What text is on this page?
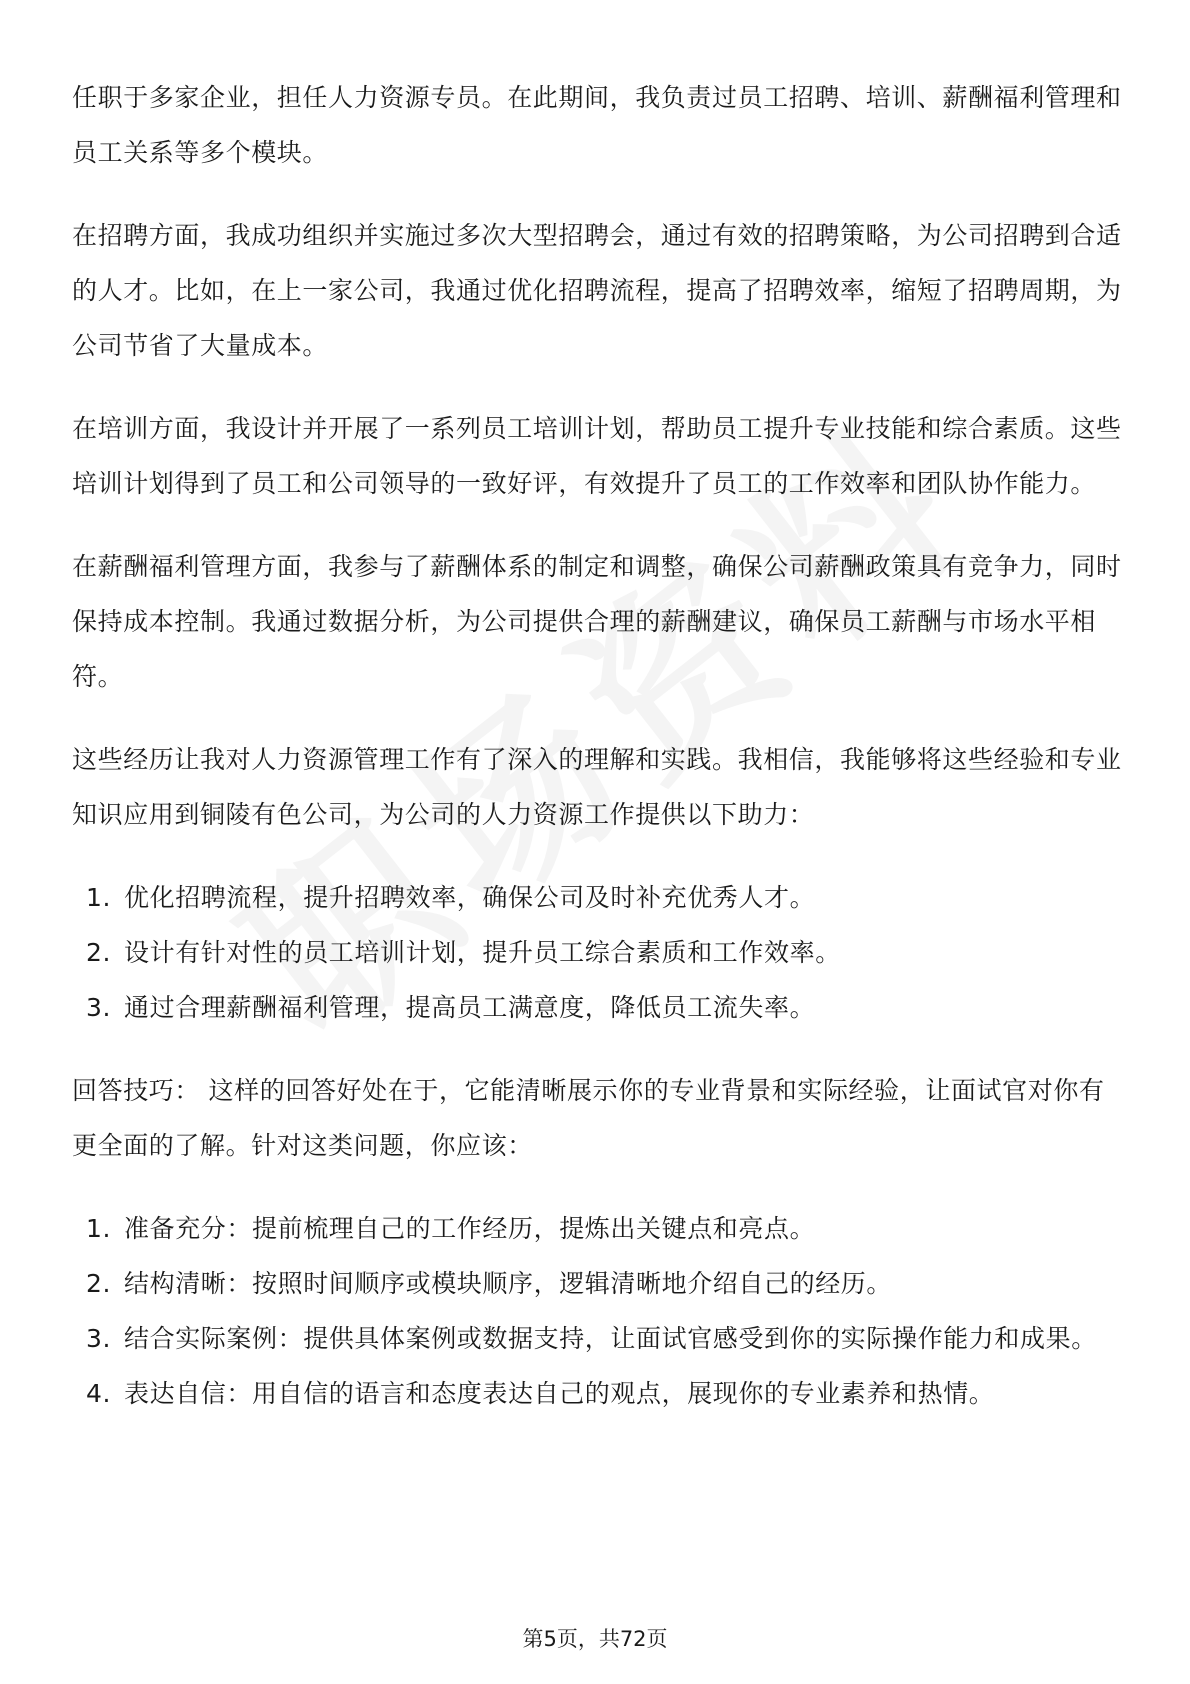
任职于多家企业，担任人力资源专员。在此期间，我负责过员工招聘、培训、薪酬福利管理和员工关系等多个模块。

在招聘方面，我成功组织并实施过多次大型招聘会，通过有效的招聘策略，为公司招聘到合适的人才。比如，在上一家公司，我通过优化招聘流程，提高了招聘效率，缩短了招聘周期，为公司节省了大量成本。

在培训方面，我设计并开展了一系列员工培训计划，帮助员工提升专业技能和综合素质。这些培训计划得到了员工和公司领导的一致好评，有效提升了员工的工作效率和团队协作能力。

在薪酬福利管理方面，我参与了薪酬体系的制定和调整，确保公司薪酬政策具有竞争力，同时保持成本控制。我通过数据分析，为公司提供合理的薪酬建议，确保员工薪酬与市场水平相符。

这些经历让我对人力资源管理工作有了深入的理解和实践。我相信，我能够将这些经验和专业知识应用到铜陵有色公司，为公司的人力资源工作提供以下助力：

1. 优化招聘流程，提升招聘效率，确保公司及时补充优秀人才。
2. 设计有针对性的员工培训计划，提升员工综合素质和工作效率。
3. 通过合理薪酬福利管理，提高员工满意度，降低员工流失率。

回答技巧： 这样的回答好处在于，它能清晰展示你的专业背景和实际经验，让面试官对你有更全面的了解。针对这类问题，你应该：

1. 准备充分：提前梳理自己的工作经历，提炼出关键点和亮点。
2. 结构清晰：按照时间顺序或模块顺序，逻辑清晰地介绍自己的经历。
3. 结合实际案例：提供具体案例或数据支持，让面试官感受到你的实际操作能力和成果。
4. 表达自信：用自信的语言和态度表达自己的观点，展现你的专业素养和热情。
第5页，共72页
